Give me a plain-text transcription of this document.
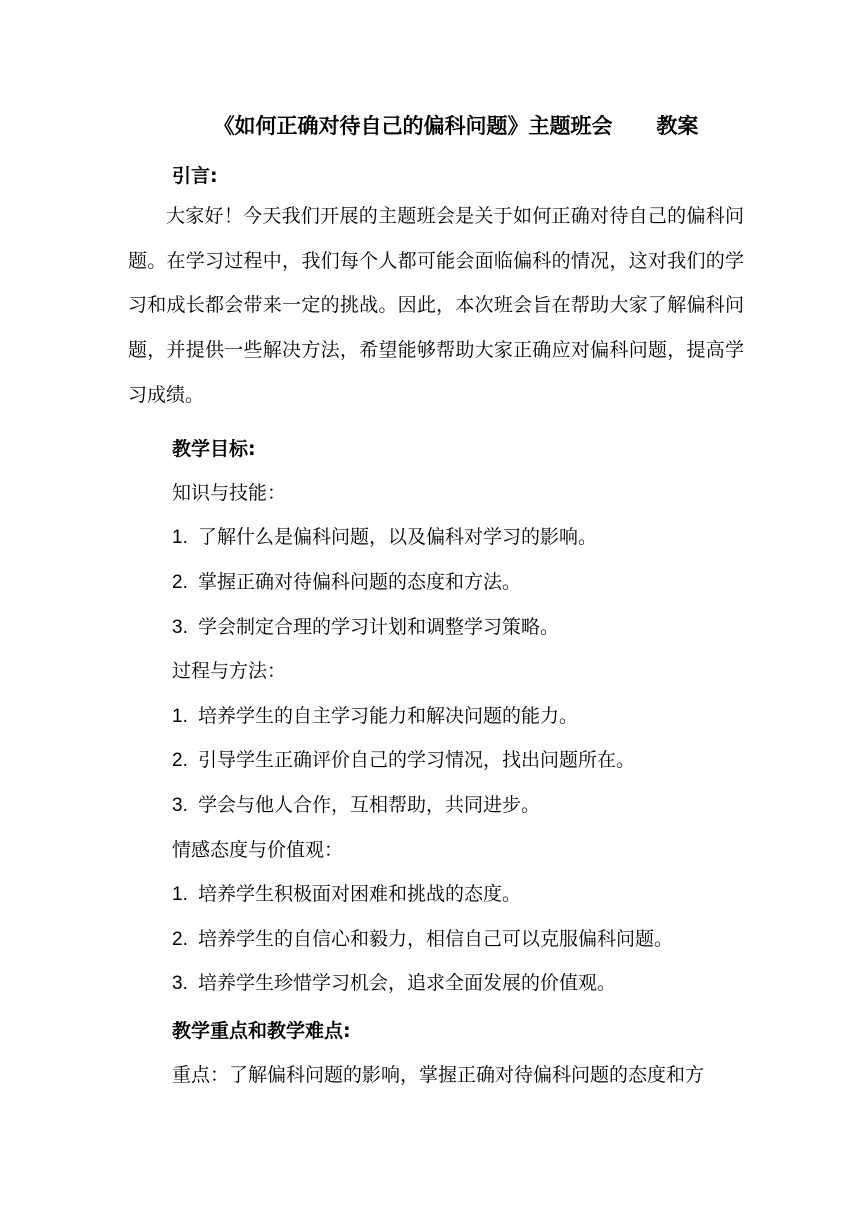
《如何正确对待自己的偏科问题》主题班会      教案
引言:
大家好！今天我们开展的主题班会是关于如何正确对待自己的偏科问题。在学习过程中，我们每个人都可能会面临偏科的情况，这对我们的学习和成长都会带来一定的挑战。因此，本次班会旨在帮助大家了解偏科问题，并提供一些解决方法，希望能够帮助大家正确应对偏科问题，提高学习成绩。
教学目标:
知识与技能：
1. 了解什么是偏科问题，以及偏科对学习的影响。
2. 掌握正确对待偏科问题的态度和方法。
3. 学会制定合理的学习计划和调整学习策略。
过程与方法：
1. 培养学生的自主学习能力和解决问题的能力。
2. 引导学生正确评价自己的学习情况，找出问题所在。
3. 学会与他人合作，互相帮助，共同进步。
情感态度与价值观：
1. 培养学生积极面对困难和挑战的态度。
2. 培养学生的自信心和毅力，相信自己可以克服偏科问题。
3. 培养学生珍惜学习机会，追求全面发展的价值观。
教学重点和教学难点:
重点：了解偏科问题的影响，掌握正确对待偏科问题的态度和方
